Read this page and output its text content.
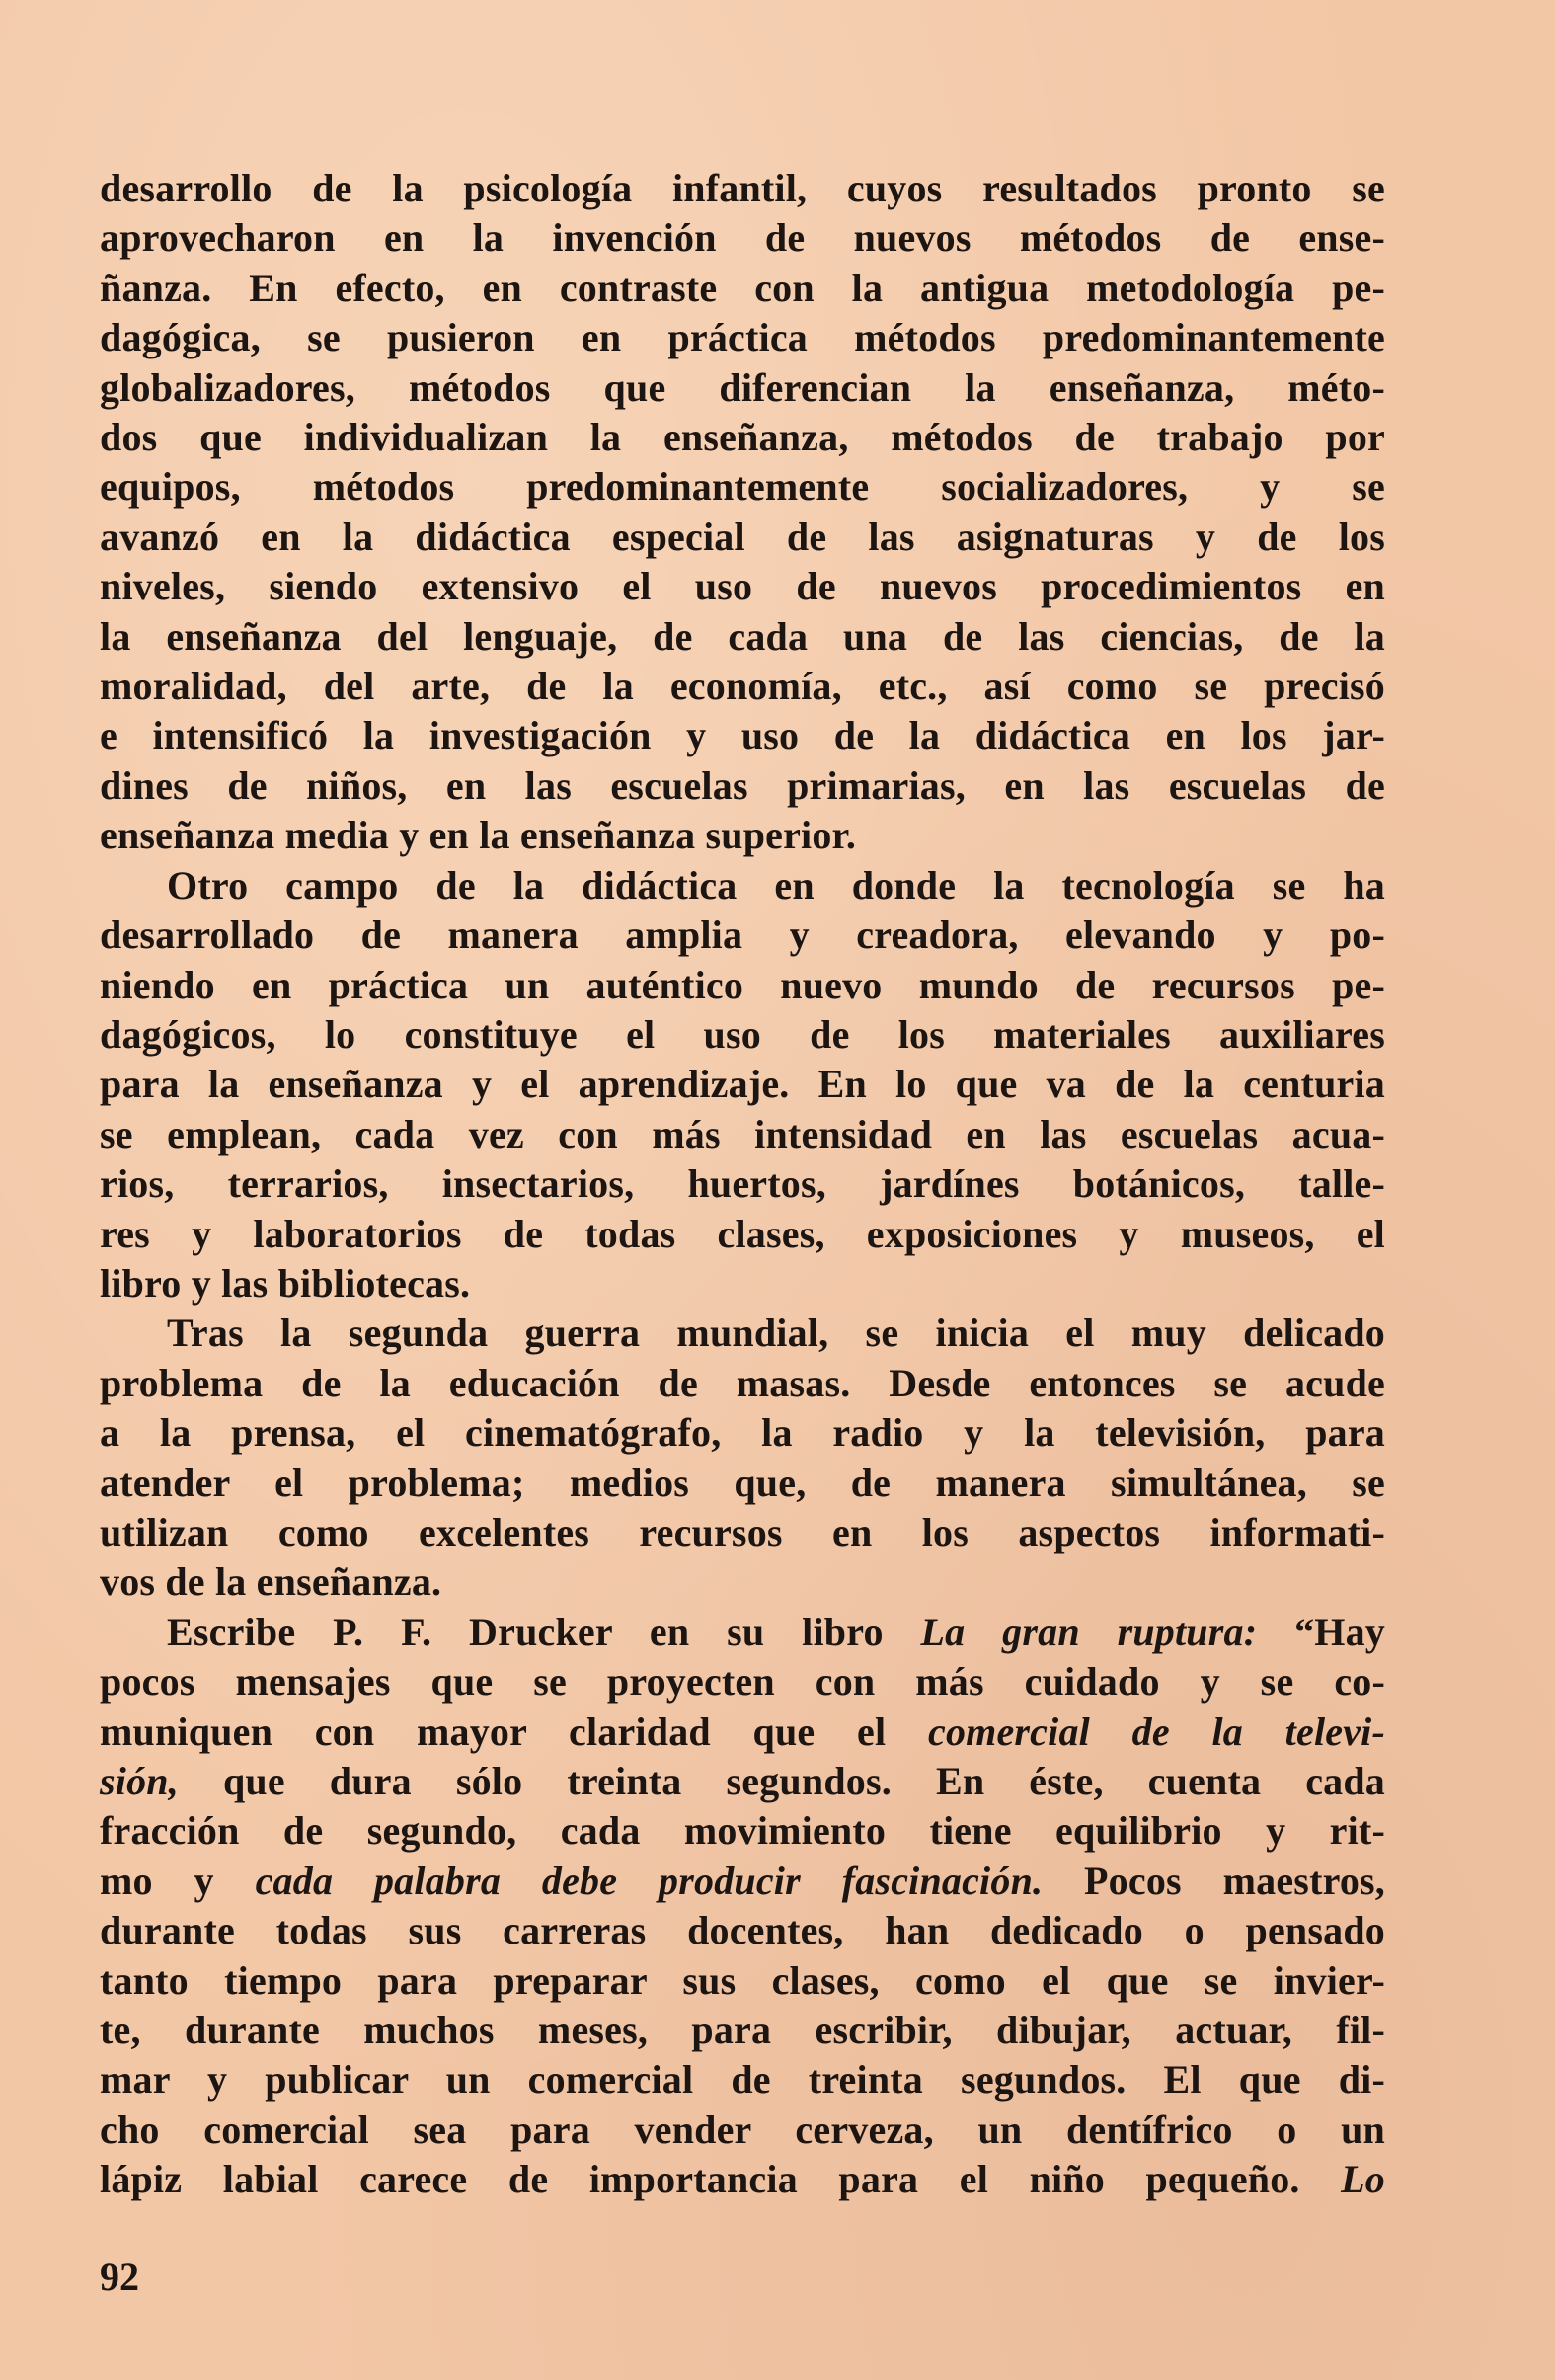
desarrollo de la psicología infantil, cuyos resultados pronto se
aprovecharon en la invención de nuevos métodos de ense-
ñanza. En efecto, en contraste con la antigua metodología pe-
dagógica, se pusieron en práctica métodos predominantemente
globalizadores, métodos que diferencian la enseñanza, méto-
dos que individualizan la enseñanza, métodos de trabajo por
equipos, métodos predominantemente socializadores, y se
avanzó en la didáctica especial de las asignaturas y de los
niveles, siendo extensivo el uso de nuevos procedimientos en
la enseñanza del lenguaje, de cada una de las ciencias, de la
moralidad, del arte, de la economía, etc., así como se precisó
e intensificó la investigación y uso de la didáctica en los jar-
dines de niños, en las escuelas primarias, en las escuelas de
enseñanza media y en la enseñanza superior.
Otro campo de la didáctica en donde la tecnología se ha
desarrollado de manera amplia y creadora, elevando y po-
niendo en práctica un auténtico nuevo mundo de recursos pe-
dagógicos, lo constituye el uso de los materiales auxiliares
para la enseñanza y el aprendizaje. En lo que va de la centuria
se emplean, cada vez con más intensidad en las escuelas acua-
rios, terrarios, insectarios, huertos, jardínes botánicos, talle-
res y laboratorios de todas clases, exposiciones y museos, el
libro y las bibliotecas.
Tras la segunda guerra mundial, se inicia el muy delicado
problema de la educación de masas. Desde entonces se acude
a la prensa, el cinematógrafo, la radio y la televisión, para
atender el problema; medios que, de manera simultánea, se
utilizan como excelentes recursos en los aspectos informati-
vos de la enseñanza.
Escribe P. F. Drucker en su libro La gran ruptura: “Hay
pocos mensajes que se proyecten con más cuidado y se co-
muniquen con mayor claridad que el comercial de la televi-
sión, que dura sólo treinta segundos. En éste, cuenta cada
fracción de segundo, cada movimiento tiene equilibrio y rit-
mo y cada palabra debe producir fascinación. Pocos maestros,
durante todas sus carreras docentes, han dedicado o pensado
tanto tiempo para preparar sus clases, como el que se invier-
te, durante muchos meses, para escribir, dibujar, actuar, fil-
mar y publicar un comercial de treinta segundos. El que di-
cho comercial sea para vender cerveza, un dentífrico o un
lápiz labial carece de importancia para el niño pequeño. Lo
92
